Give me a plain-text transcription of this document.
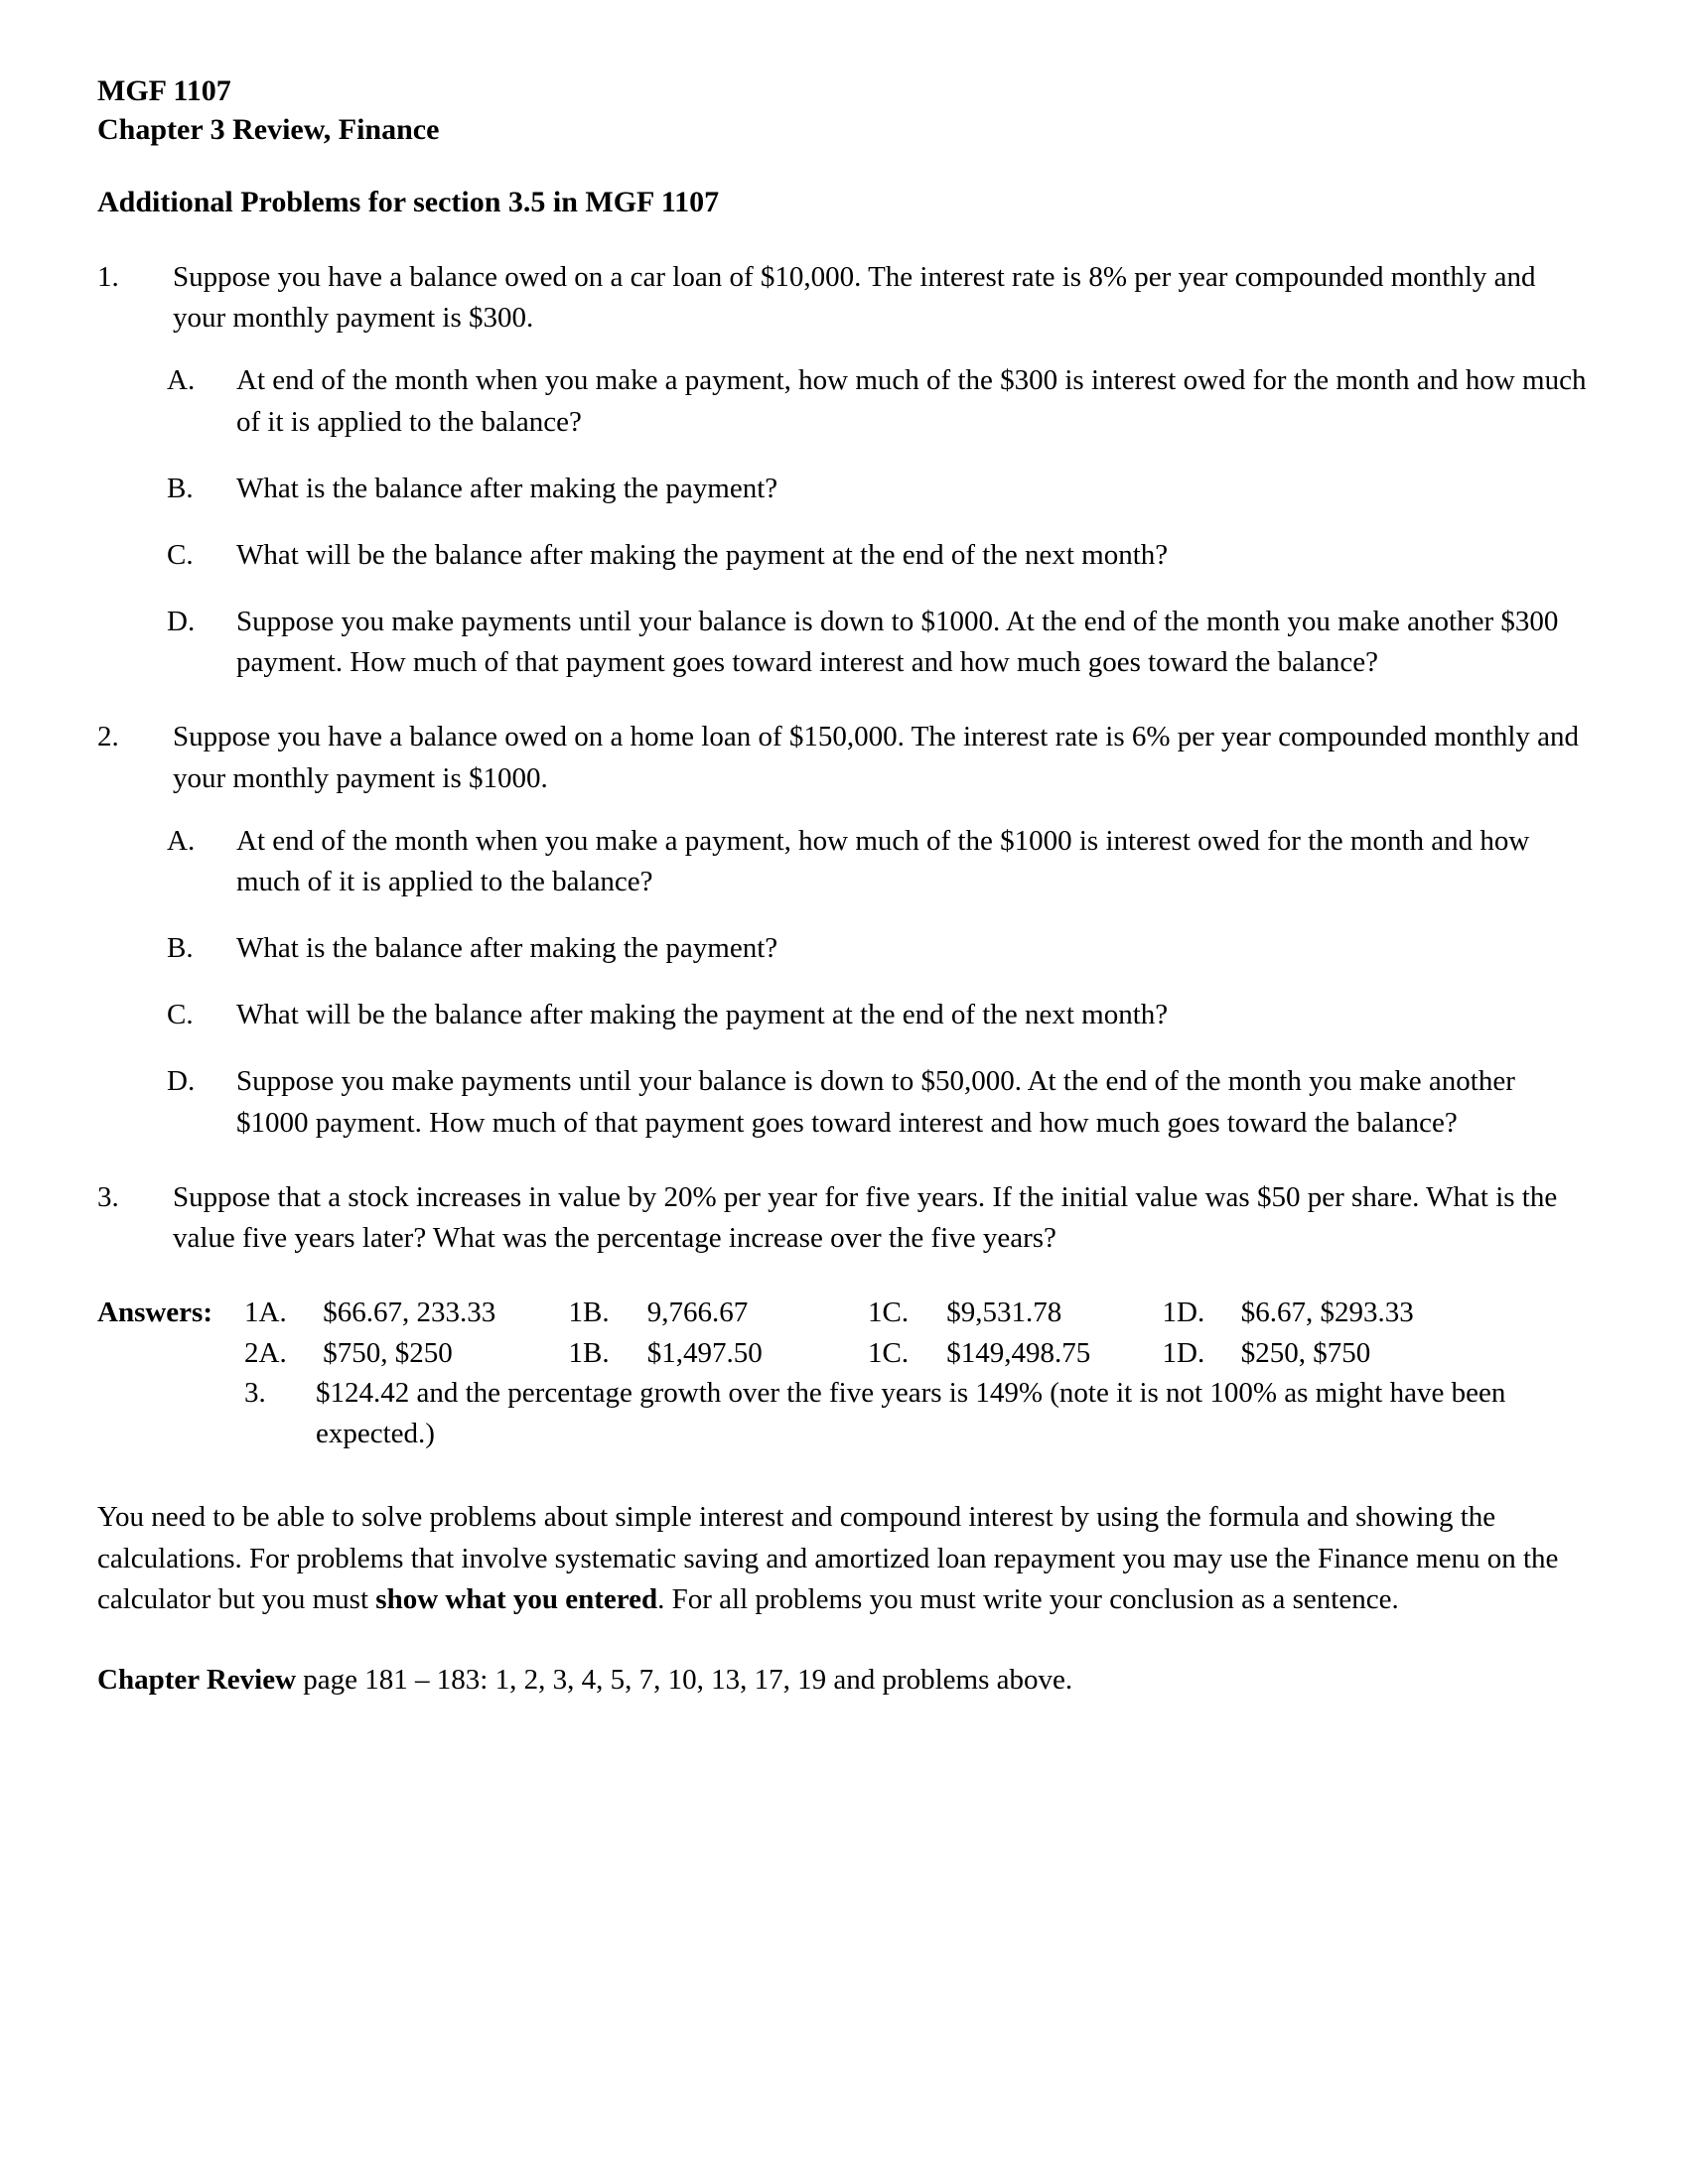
MGF 1107
Chapter 3 Review, Finance
Additional Problems for section 3.5 in MGF 1107
1.	Suppose you have a balance owed on a car loan of $10,000. The interest rate is 8% per year compounded monthly and your monthly payment is $300.
A.	At end of the month when you make a payment, how much of the $300 is interest owed for the month and how much of it is applied to the balance?
B.	What is the balance after making the payment?
C.	What will be the balance after making the payment at the end of the next month?
D.	Suppose you make payments until your balance is down to $1000. At the end of the month you make another $300 payment. How much of that payment goes toward interest and how much goes toward the balance?
2.	Suppose you have a balance owed on a home loan of $150,000. The interest rate is 6% per year compounded monthly and your monthly payment is $1000.
A.	At end of the month when you make a payment, how much of the $1000 is interest owed for the month and how much of it is applied to the balance?
B.	What is the balance after making the payment?
C.	What will be the balance after making the payment at the end of the next month?
D.	Suppose you make payments until your balance is down to $50,000. At the end of the month you make another $1000 payment. How much of that payment goes toward interest and how much goes toward the balance?
3.	Suppose that a stock increases in value by 20% per year for five years. If the initial value was $50 per share. What is the value five years later? What was the percentage increase over the five years?
Answers: 1A. $66.67, 233.33	1B. 9,766.67	1C. $9,531.78	1D. $6.67, $293.33
2A. $750, $250	1B. $1,497.50	1C. $149,498.75 1D. $250, $750
3.	$124.42 and the percentage growth over the five years is 149% (note it is not 100% as might have been expected.)

You need to be able to solve problems about simple interest and compound interest by using the formula and showing the calculations. For problems that involve systematic saving and amortized loan repayment you may use the Finance menu on the calculator but you must show what you entered. For all problems you must write your conclusion as a sentence.

Chapter Review page 181 – 183: 1, 2, 3, 4, 5, 7, 10, 13, 17, 19 and problems above.
